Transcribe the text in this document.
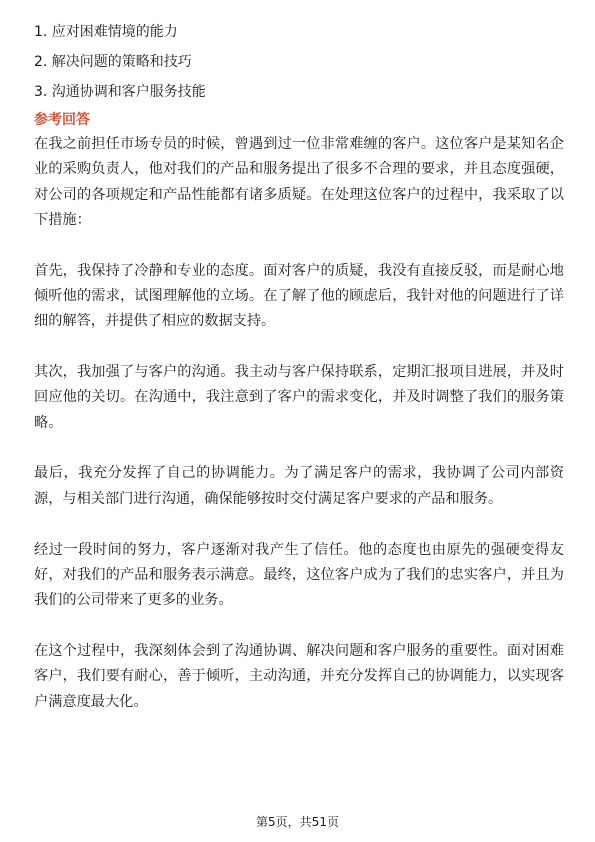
1. 应对困难情境的能力
2. 解决问题的策略和技巧
3. 沟通协调和客户服务技能
参考回答

在我之前担任市场专员的时候，曾遇到过一位非常难缠的客户。这位客户是某知名企业的采购负责人，他对我们的产品和服务提出了很多不合理的要求，并且态度强硬，对公司的各项规定和产品性能都有诸多质疑。在处理这位客户的过程中，我采取了以下措施：

首先，我保持了冷静和专业的态度。面对客户的质疑，我没有直接反驳，而是耐心地倾听他的需求，试图理解他的立场。在了解了他的顾虑后，我针对他的问题进行了详细的解答，并提供了相应的数据支持。

其次，我加强了与客户的沟通。我主动与客户保持联系，定期汇报项目进展，并及时回应他的关切。在沟通中，我注意到了客户的需求变化，并及时调整了我们的服务策略。

最后，我充分发挥了自己的协调能力。为了满足客户的需求，我协调了公司内部资源，与相关部门进行沟通，确保能够按时交付满足客户要求的产品和服务。

经过一段时间的努力，客户逐渐对我产生了信任。他的态度也由原先的强硬变得友好，对我们的产品和服务表示满意。最终，这位客户成为了我们的忠实客户，并且为我们的公司带来了更多的业务。

在这个过程中，我深刻体会到了沟通协调、解决问题和客户服务的重要性。面对困难客户，我们要有耐心，善于倾听，主动沟通，并充分发挥自己的协调能力，以实现客户满意度最大化。

第5页，共51页
